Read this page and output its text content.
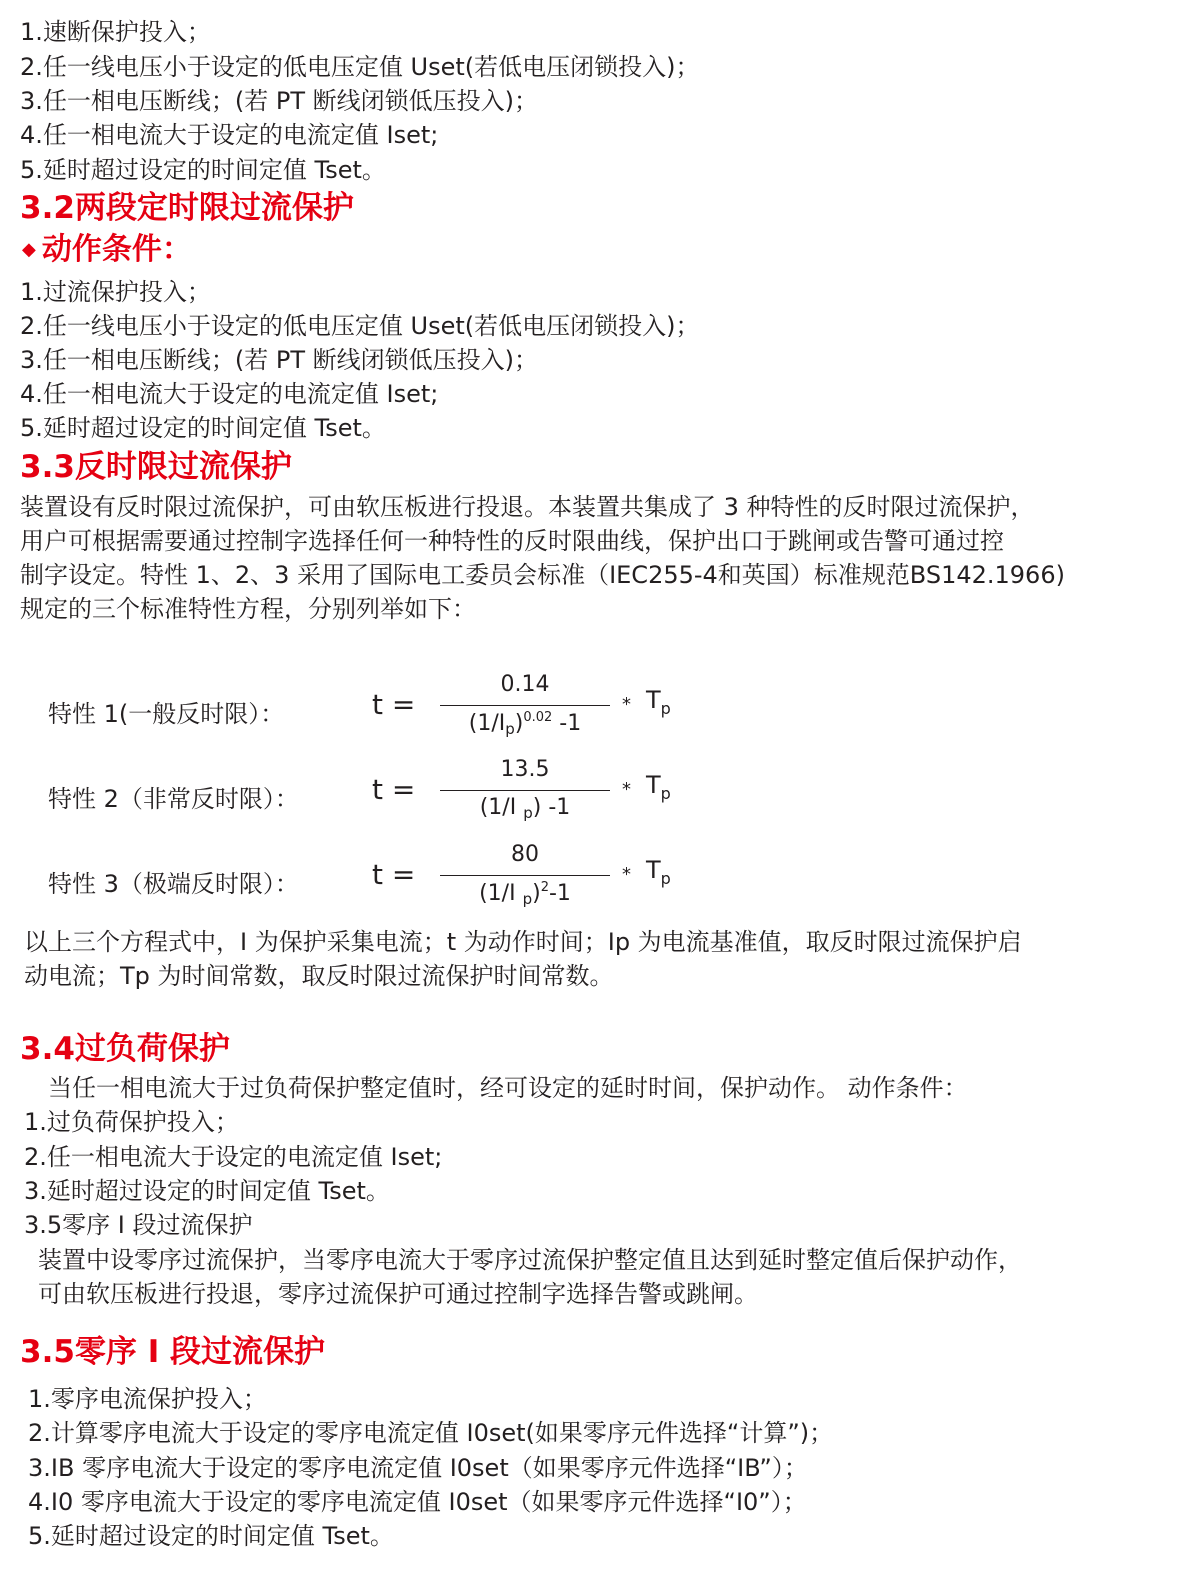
1.速断保护投入；
2.任一线电压小于设定的低电压定值 Uset(若低电压闭锁投入)；
3.任一相电压断线；(若 PT 断线闭锁低压投入)；
4.任一相电流大于设定的电流定值 Iset;
5.延时超过设定的时间定值 Tset。
3.2两段定时限过流保护
◆ 动作条件：
1.过流保护投入；
2.任一线电压小于设定的低电压定值 Uset(若低电压闭锁投入)；
3.任一相电压断线；(若 PT 断线闭锁低压投入)；
4.任一相电流大于设定的电流定值 Iset;
5.延时超过设定的时间定值 Tset。
3.3反时限过流保护
装置设有反时限过流保护，可由软压板进行投退。本装置共集成了 3 种特性的反时限过流保护，
用户可根据需要通过控制字选择任何一种特性的反时限曲线，保护出口于跳闸或告警可通过控
制字设定。特性 1、2、3 采用了国际电工委员会标准（IEC255-4和英国）标准规范BS142.1966)
规定的三个标准特性方程，分别列举如下：
特性 1(一般反时限）：	t =
0.14
$(1/I_p)^{0.02}$ -1
* $T_p$
特性 2（非常反时限）：	t =
13.5
(1/I $_p$) -1
* $T_p$
特性 3（极端反时限）：	t =
80
(1/I $_p$)$^2$-1
* $T_p$
以上三个方程式中，I 为保护采集电流；t 为动作时间；Ip 为电流基准值，取反时限过流保护启
动电流；Tp 为时间常数，取反时限过流保护时间常数。
3.4过负荷保护
当任一相电流大于过负荷保护整定值时，经可设定的延时时间，保护动作。 动作条件：
1.过负荷保护投入；
2.任一相电流大于设定的电流定值 Iset;
3.延时超过设定的时间定值 Tset。
3.5零序 I 段过流保护
装置中设零序过流保护，当零序电流大于零序过流保护整定值且达到延时整定值后保护动作，
可由软压板进行投退，零序过流保护可通过控制字选择告警或跳闸。
3.5零序 I 段过流保护
1.零序电流保护投入；
2.计算零序电流大于设定的零序电流定值 I0set(如果零序元件选择“计算”)；
3.IB 零序电流大于设定的零序电流定值 I0set（如果零序元件选择“IB”）；
4.I0 零序电流大于设定的零序电流定值 I0set（如果零序元件选择“I0”）；
5.延时超过设定的时间定值 Tset。
